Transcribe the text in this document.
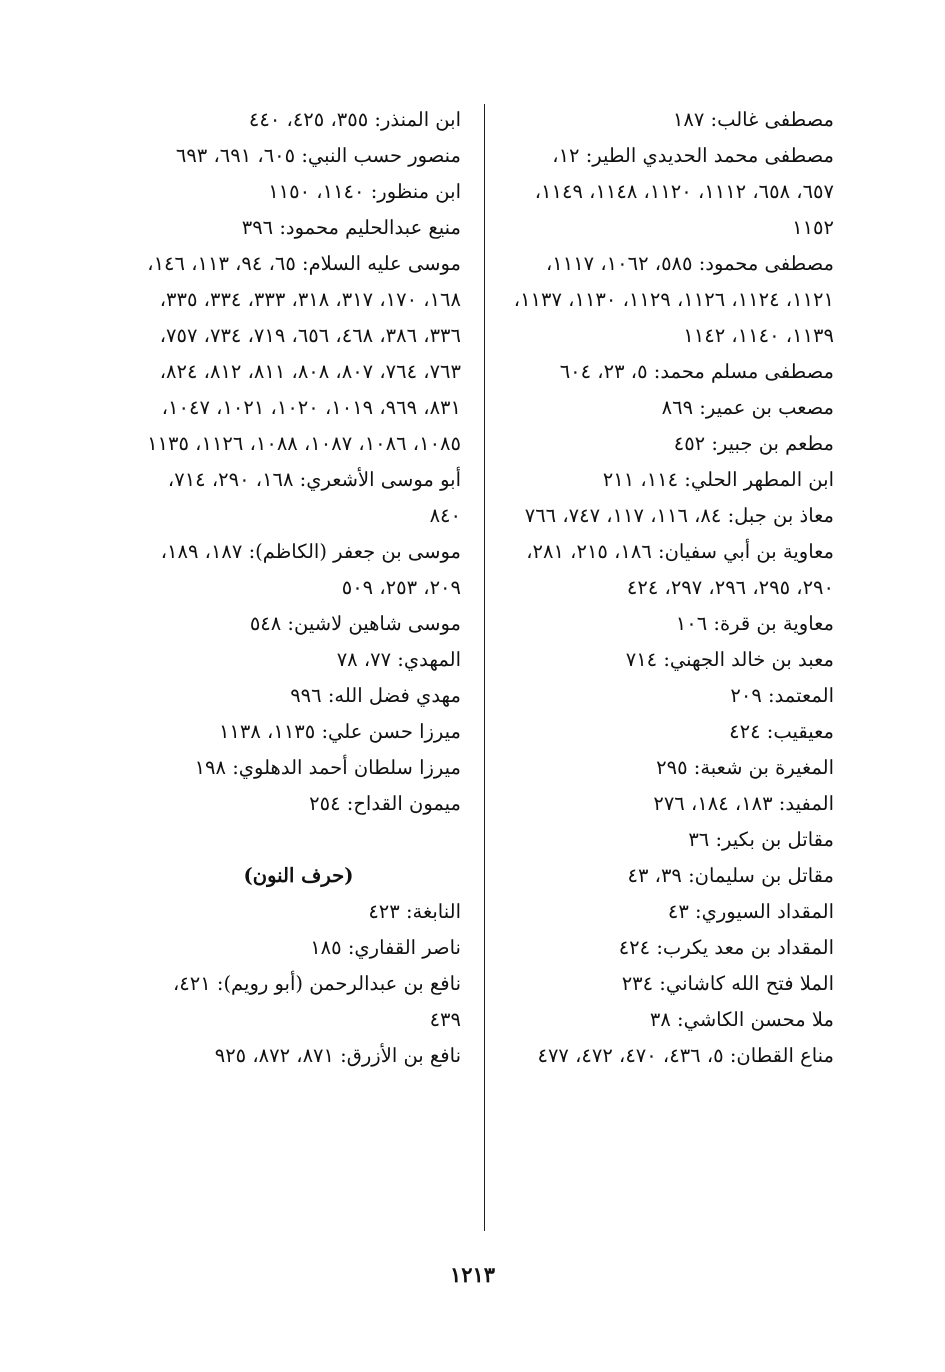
مصطفى غالب: ١٨٧

مصطفى محمد الحديدي الطير: ١٢، ٦٥٧، ٦٥٨، ١١١٢، ١١٢٠، ١١٤٨، ١١٤٩، ١١٥٢

مصطفى محمود: ٥٨٥، ١٠٦٢، ١١١٧، ١١٢١، ١١٢٤، ١١٢٦، ١١٢٩، ١١٣٠، ١١٣٧، ١١٣٩، ١١٤٠، ١١٤٢

مصطفى مسلم محمد: ٥، ٢٣، ٦٠٤

مصعب بن عمير: ٨٦٩

مطعم بن جبير: ٤٥٢

ابن المطهر الحلي: ١١٤، ٢١١

معاذ بن جبل: ٨٤، ١١٦، ١١٧، ٧٤٧، ٧٦٦

معاوية بن أبي سفيان: ١٨٦، ٢١٥، ٢٨١، ٢٩٠، ٢٩٥، ٢٩٦، ٢٩٧، ٤٢٤

معاوية بن قرة: ١٠٦

معبد بن خالد الجهني: ٧١٤

المعتمد: ٢٠٩

معيقيب: ٤٢٤

المغيرة بن شعبة: ٢٩٥

المفيد: ١٨٣، ١٨٤، ٢٧٦

مقاتل بن بكير: ٣٦

مقاتل بن سليمان: ٣٩، ٤٣

المقداد السيوري: ٤٣

المقداد بن معد يكرب: ٤٢٤

الملا فتح الله كاشاني: ٢٣٤

ملا محسن الكاشي: ٣٨

مناع القطان: ٥، ٤٣٦، ٤٧٠، ٤٧٢، ٤٧٧

ابن المنذر: ٣٥٥، ٤٢٥، ٤٤٠

منصور حسب النبي: ٦٠٥، ٦٩١، ٦٩٣

ابن منظور: ١١٤٠، ١١٥٠

منيع عبدالحليم محمود: ٣٩٦

موسى عليه السلام: ٦٥، ٩٤، ١١٣، ١٤٦، ١٦٨، ١٧٠، ٣١٧، ٣١٨، ٣٣٣، ٣٣٤، ٣٣٥، ٣٣٦، ٣٨٦، ٤٦٨، ٦٥٦، ٧١٩، ٧٣٤، ٧٥٧، ٧٦٣، ٧٦٤، ٨٠٧، ٨٠٨، ٨١١، ٨١٢، ٨٢٤، ٨٣١، ٩٦٩، ١٠١٩، ١٠٢٠، ١٠٢١، ١٠٤٧، ١٠٨٥، ١٠٨٦، ١٠٨٧، ١٠٨٨، ١١٢٦، ١١٣٥

أبو موسى الأشعري: ١٦٨، ٢٩٠، ٧١٤، ٨٤٠

موسى بن جعفر (الكاظم): ١٨٧، ١٨٩، ٢٠٩، ٢٥٣، ٥٠٩

موسى شاهين لاشين: ٥٤٨

المهدي: ٧٧، ٧٨

مهدي فضل الله: ٩٩٦

ميرزا حسن علي: ١١٣٥، ١١٣٨

ميرزا سلطان أحمد الدهلوي: ١٩٨

ميمون القداح: ٢٥٤

(حرف النون)

النابغة: ٤٢٣

ناصر القفاري: ١٨٥

نافع بن عبدالرحمن (أبو رويم): ٤٢١، ٤٣٩

نافع بن الأزرق: ٨٧١، ٨٧٢، ٩٢٥

١٢١٣
